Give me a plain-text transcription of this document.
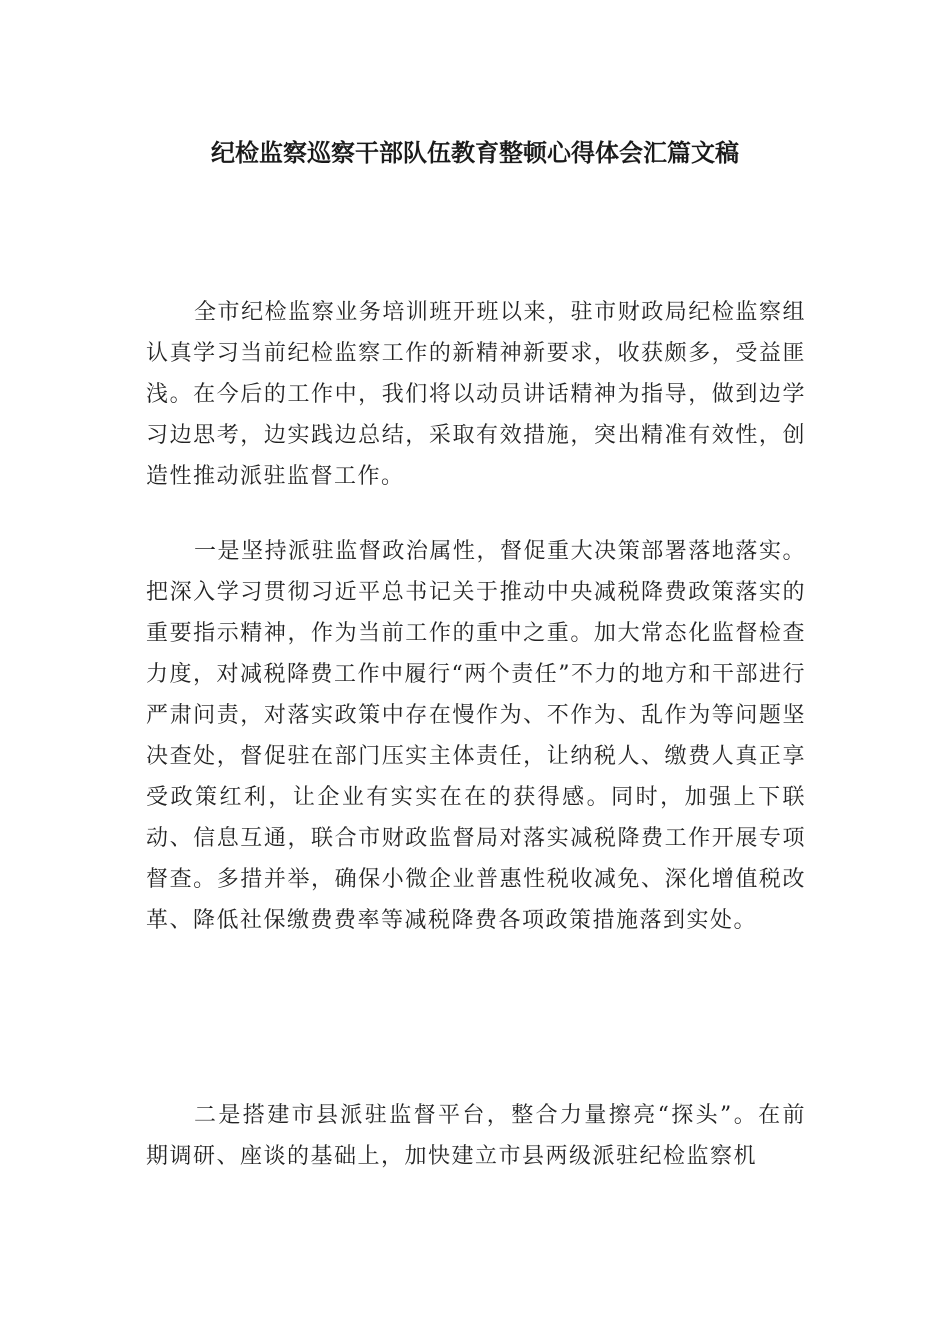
纪检监察巡察干部队伍教育整顿心得体会汇篇文稿

全市纪检监察业务培训班开班以来，驻市财政局纪检监察组认真学习当前纪检监察工作的新精神新要求，收获颇多，受益匪浅。在今后的工作中，我们将以动员讲话精神为指导，做到边学习边思考，边实践边总结，采取有效措施，突出精准有效性，创造性推动派驻监督工作。

一是坚持派驻监督政治属性，督促重大决策部署落地落实。把深入学习贯彻习近平总书记关于推动中央减税降费政策落实的重要指示精神，作为当前工作的重中之重。加大常态化监督检查力度，对减税降费工作中履行“两个责任”不力的地方和干部进行严肃问责，对落实政策中存在慢作为、不作为、乱作为等问题坚决查处，督促驻在部门压实主体责任，让纳税人、缴费人真正享受政策红利，让企业有实实在在的获得感。同时，加强上下联动、信息互通，联合市财政监督局对落实减税降费工作开展专项督查。多措并举，确保小微企业普惠性税收减免、深化增值税改革、降低社保缴费费率等减税降费各项政策措施落到实处。

二是搭建市县派驻监督平台，整合力量擦亮“探头”。在前期调研、座谈的基础上，加快建立市县两级派驻纪检监察机
